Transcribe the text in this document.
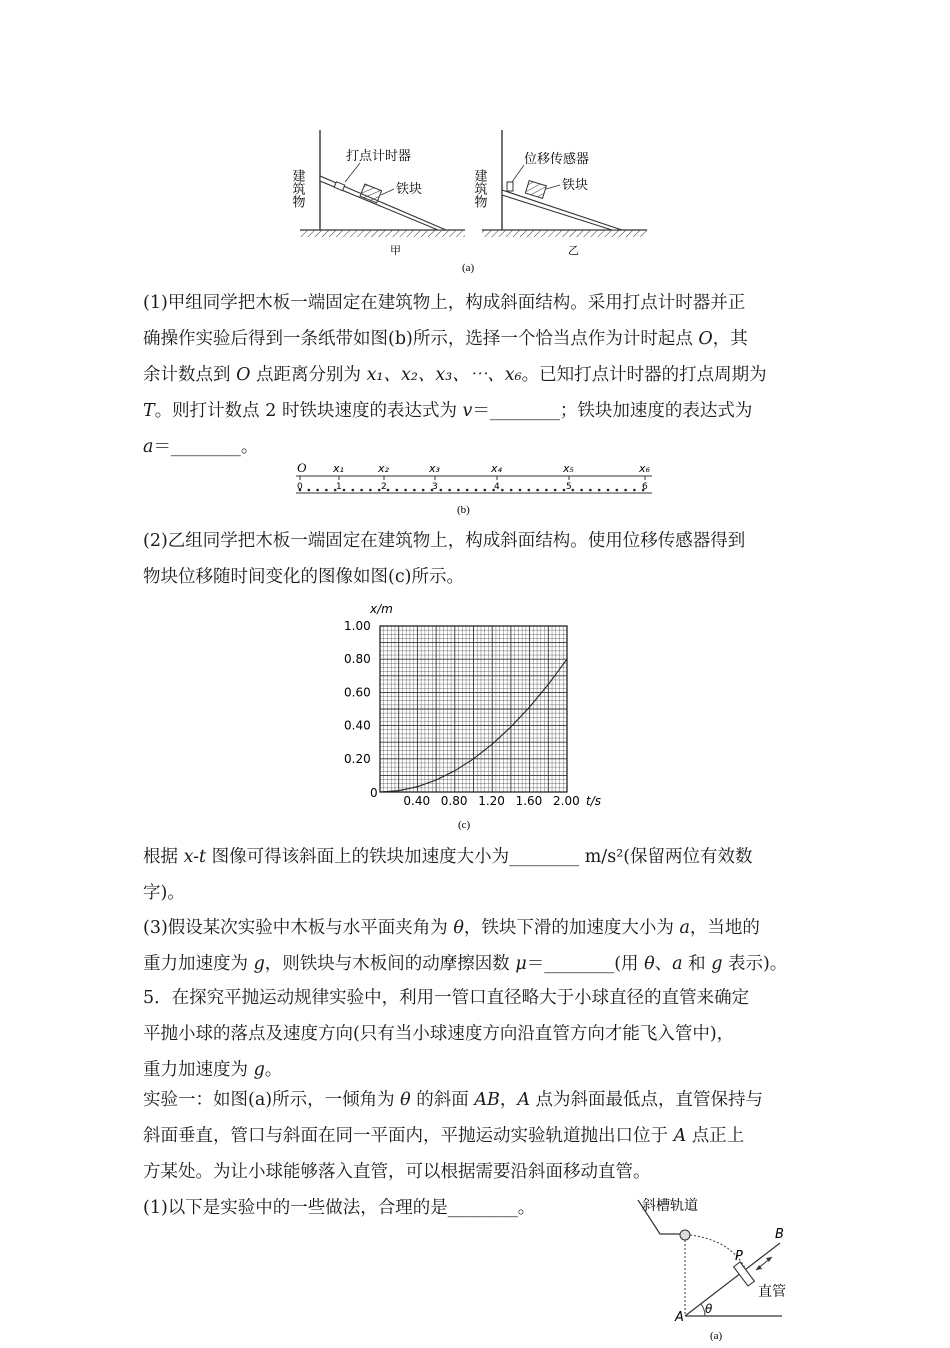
建筑物
打点计时器
铁块
甲
建筑物
位移传感器
铁块
乙
(a)
(1)甲组同学把木板一端固定在建筑物上，构成斜面结构。采用打点计时器并正
确操作实验后得到一条纸带如图(b)所示，选择一个恰当点作为计时起点 O，其
余计数点到 O 点距离分别为 x₁、x₂、x₃、⋯、x₆。已知打点计时器的打点周期为
T。则打计数点 2 时铁块速度的表达式为 v＝________；铁块加速度的表达式为
a＝________。
O x₁	x₂	x₃	x₄	x₅	x₆
0	1	2	3	4	5	6
(b)
(2)乙组同学把木板一端固定在建筑物上，构成斜面结构。使用位移传感器得到
物块位移随时间变化的图像如图(c)所示。
0.40 0.80 1.20 1.60 2.00
0.20
0.40
0.60
0.80
1.00
x/m
t/s
0
(c)
根据 x-t 图像可得该斜面上的铁块加速度大小为________ m/s²(保留两位有效数
字)。
(3)假设某次实验中木板与水平面夹角为 θ，铁块下滑的加速度大小为 a，当地的
重力加速度为 g，则铁块与木板间的动摩擦因数 μ＝________(用 θ、a 和 g 表示)。
5．在探究平抛运动规律实验中，利用一管口直径略大于小球直径的直管来确定
平抛小球的落点及速度方向(只有当小球速度方向沿直管方向才能飞入管中)，
重力加速度为 g。
实验一：如图(a)所示，一倾角为 θ 的斜面 AB，A 点为斜面最低点，直管保持与
斜面垂直，管口与斜面在同一平面内，平抛运动实验轨道抛出口位于 A 点正上
方某处。为让小球能够落入直管，可以根据需要沿斜面移动直管。
(1)以下是实验中的一些做法，合理的是________。	斜槽轨道
P
B
A
θ
直管
(a)
